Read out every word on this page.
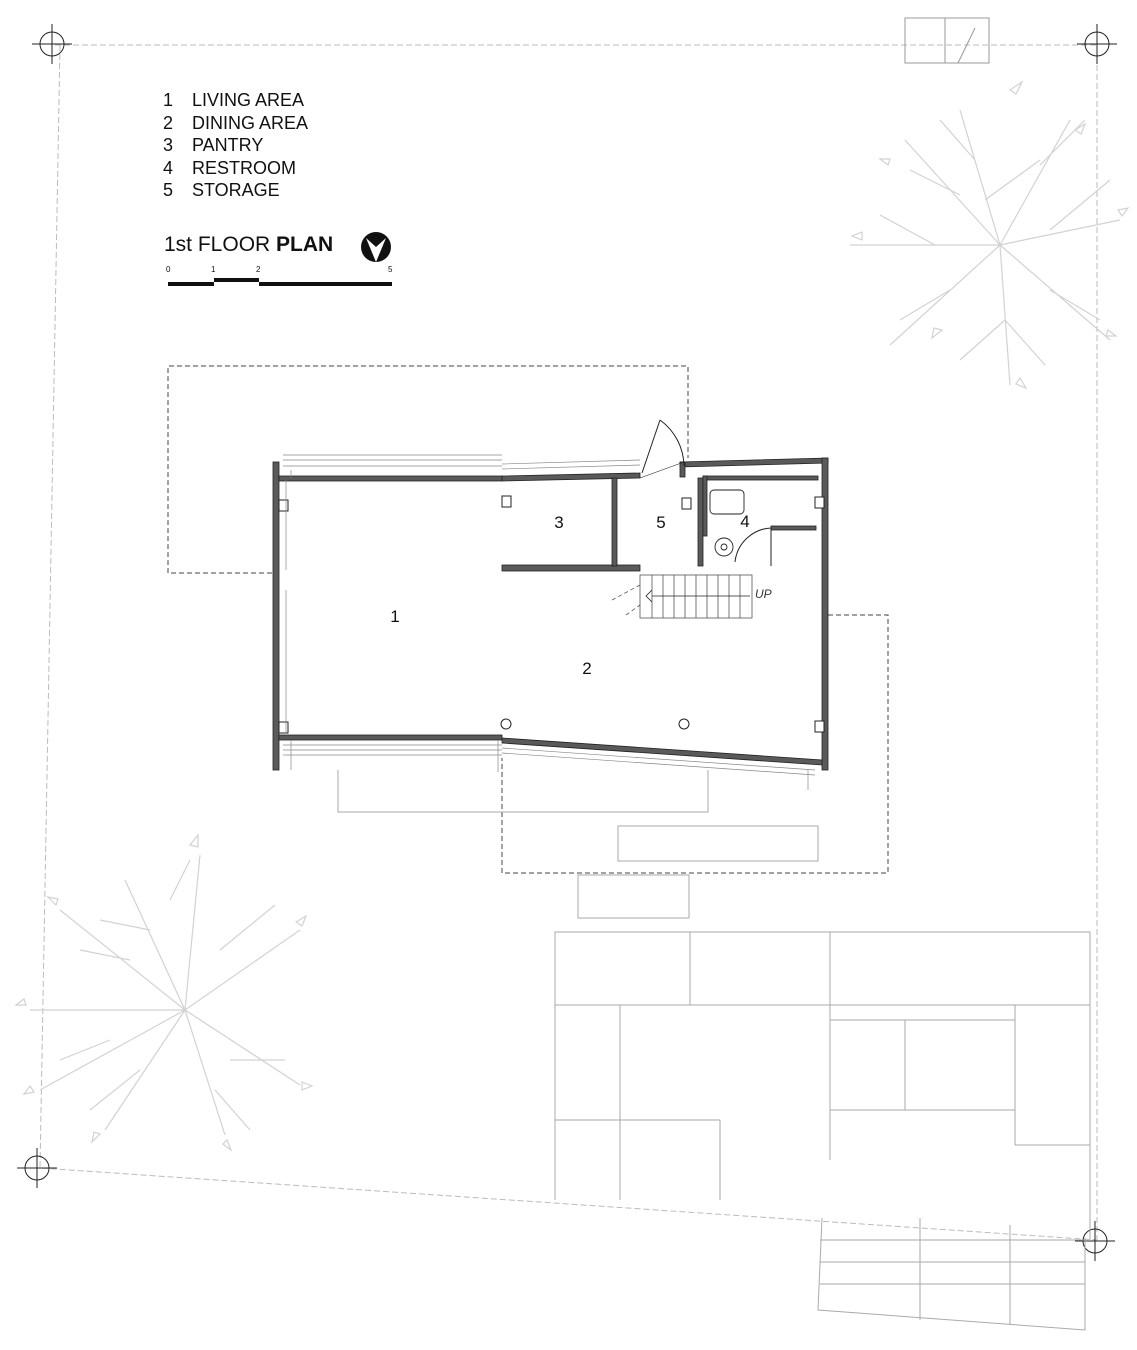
1 LIVING AREA
2 DINING AREA
3 PANTRY
4 RESTROOM
5 STORAGE
1st FLOOR PLAN
0	1	2	5
1
2
3	4
5
UP
